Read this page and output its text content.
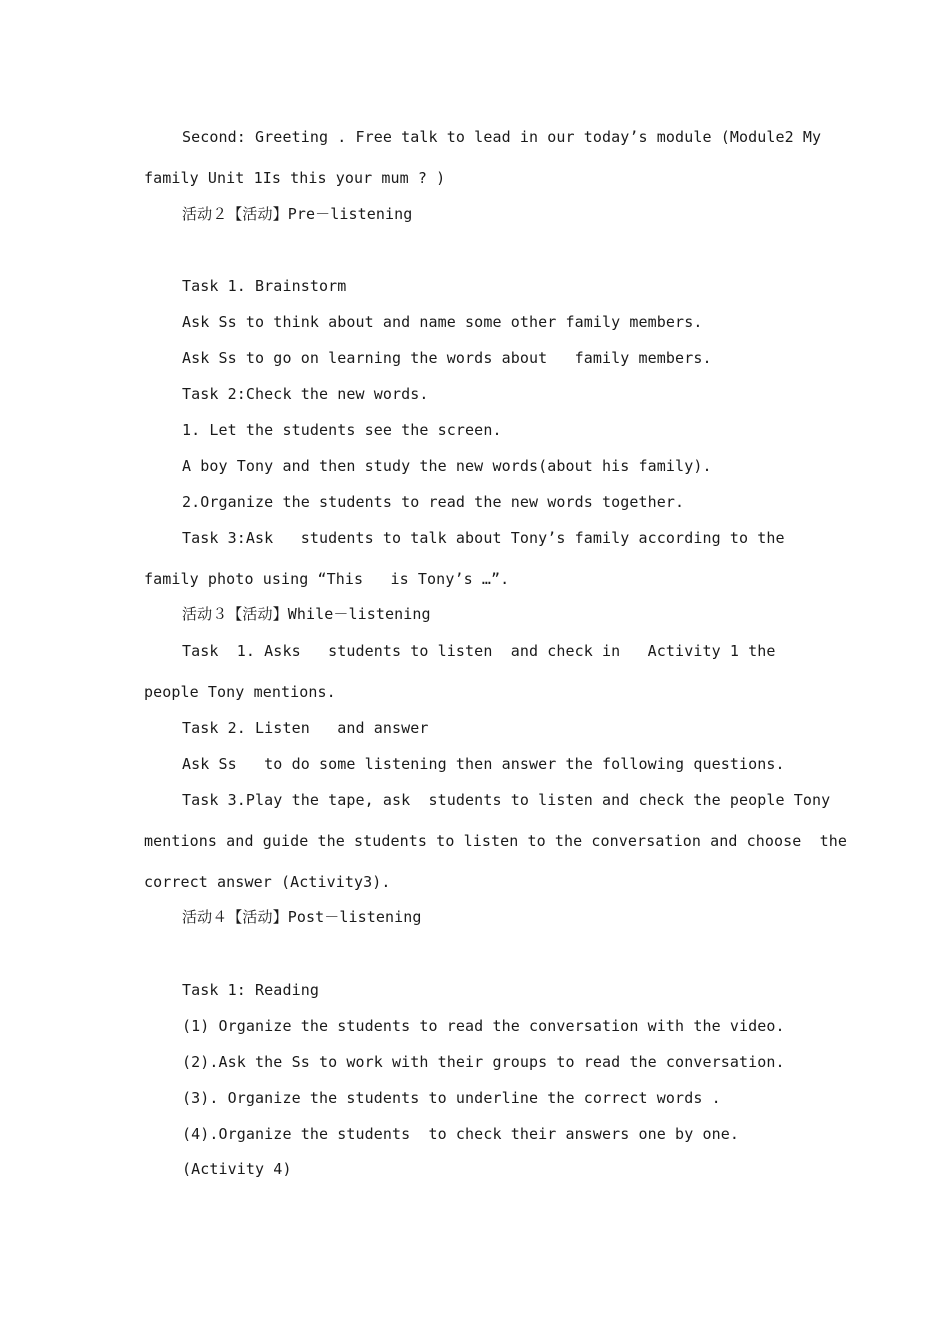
Second: Greeting . Free talk to lead in our today’s module (Module2 My
family Unit 1Is this your mum ? )
活动２【活动】Pre－listening
Task 1. Brainstorm
Ask Ss to think about and name some other family members.
Ask Ss to go on learning the words about   family members.
Task 2:Check the new words.
1. Let the students see the screen.
A boy Tony and then study the new words(about his family).
2.Organize the students to read the new words together.
Task 3:Ask   students to talk about Tony’s family according to the
family photo using “This   is Tony’s …”.
活动３【活动】While－listening
Task  1. Asks   students to listen  and check in   Activity 1 the
people Tony mentions.
Task 2. Listen   and answer
Ask Ss   to do some listening then answer the following questions.
Task 3.Play the tape, ask  students to listen and check the people Tony
mentions and guide the students to listen to the conversation and choose  the
correct answer (Activity3).
活动４【活动】Post－listening
Task 1: Reading
(1) Organize the students to read the conversation with the video.
(2).Ask the Ss to work with their groups to read the conversation.
(3). Organize the students to underline the correct words .
(4).Organize the students  to check their answers one by one.
(Activity 4)
